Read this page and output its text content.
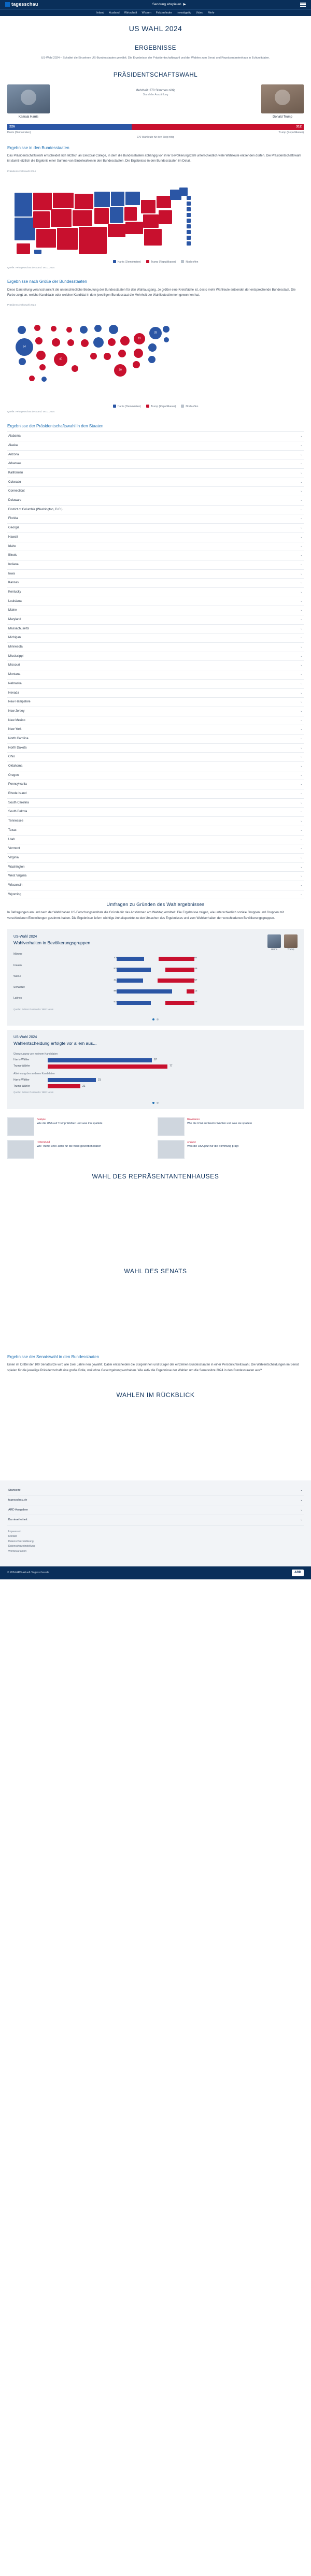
tagesschau	Sendung abspielen ▶
Inland Ausland Wirtschaft Wissen Faktenfinder Investigativ Video Mehr
US WAHL 2024
ERGEBNISSE
US-Wahl 2024 – Schaltet die Einzelnen US-Bundesstaaten gewählt. Die Ergebnisse der Präsidentschaftswahl und der Wahlen zum Senat und Repräsentantenhaus in Echtzeitdaten.
PRÄSIDENTSCHAFTSWAHL
Kamala Harris
Mehrheit: 270 Stimmen nötig
Stand der Auszählung
Donald Trump
226	312
Harris (Demokraten)	Trump (Republikaner)
270 Wahlleute für den Sieg nötig
Ergebnisse in den Bundesstaaten
Das Präsidentschaftswahl entscheidet sich letztlich an Electoral College, in dem die Bundesstaaten abhängig von ihrer Bevölkerungszahl unterschiedlich viele Wahlleute entsenden dürfen. Die Präsidentschaftswahl ist damit letztlich die Ergebnis einer Summe von Einzelwahlen in den Bundesstaaten. Die Ergebnisse in den Bundesstaaten im Detail.
Präsidentschaftswahl 2024
Harris (Demokraten)	Trump (Republikaner)	Noch offen
Quelle: AP/tagesschau.de Stand: 06.11.2024
Ergebnisse nach Größe der Bundesstaaten
Diese Darstellung veranschaulicht die unterschiedliche Bedeutung der Bundesstaaten für den Wahlausgang. Je größer eine Kreisfläche ist, desto mehr Wahlleute entsendet der entsprechende Bundesstaat. Die Farbe zeigt an, welche Kandidatin oder welcher Kandidat in dem jeweiligen Bundesstaat die Mehrheit der Wahlleutestimmen gewonnen hat.
Präsidentschaftswahl 2024
54
40
30
19
28
Harris (Demokraten)	Trump (Republikaner)	Noch offen
Quelle: AP/tagesschau.de Stand: 06.11.2024
Ergebnisse der Präsidentschaftswahl in den Staaten
Alabama	⌄
Alaska	⌄
Arizona	⌄
Arkansas	⌄
Kalifornien	⌄
Colorado	⌄
Connecticut	⌄
Delaware	⌄
District of Columbia (Washington, D.C.)	⌄
Florida	⌄
Georgia	⌄
Hawaii	⌄
Idaho	⌄
Illinois	⌄
Indiana	⌄
Iowa	⌄
Kansas	⌄
Kentucky	⌄
Louisiana	⌄
Maine	⌄
Maryland	⌄
Massachusetts	⌄
Michigan	⌄
Minnesota	⌄
Mississippi	⌄
Missouri	⌄
Montana	⌄
Nebraska	⌄
Nevada	⌄
New Hampshire	⌄
New Jersey	⌄
New Mexico	⌄
New York	⌄
North Carolina	⌄
North Dakota	⌄
Ohio	⌄
Oklahoma	⌄
Oregon	⌄
Pennsylvania	⌄
Rhode Island	⌄
South Carolina	⌄
South Dakota	⌄
Tennessee	⌄
Texas	⌄
Utah	⌄
Vermont	⌄
Virginia	⌄
Washington	⌄
West Virginia	⌄
Wisconsin	⌄
Wyoming	⌄
Umfragen zu Gründen des Wahlergebnisses
In Befragungen am und nach der Wahl haben US-Forschungsinstitute die Gründe für das Abstimmen am Wahltag ermittelt. Die Ergebnisse zeigen, wie unterschiedlich soziale Gruppen und Gruppen mit verschiedenen Einstellungen gestimmt haben. Die Ergebnisse liefern wichtige Anhaltspunkte zu den Ursachen des Ergebnisses und zum Wahlverhalten der verschiedenen Bevölkerungsgruppen.
US-Wahl 2024
Wahlverhalten in Bevölkerungsgruppen
Harris	Trump
Männer
42	55
Frauen
53	45
Weiße
41	57
Schwarze
86	12
Latinos
53	45
Quelle: Edison Research / NBC News
US-Wahl 2024
Wahlentscheidung erfolgte vor allem aus...
Überzeugung von meinem Kandidaten
Harris-Wähler	67
Trump-Wähler	77
Ablehnung des anderen Kandidaten
Harris-Wähler	31
Trump-Wähler	21
Quelle: Edison Research / NBC News
Analyse
Wie die USA auf Trump Wählen und was ihn spaltete
Reaktionen
Wie die USA auf Harris Wählen und was sie spaltete
Hintergrund
Wie Trump und Harris für die Wahl geworben haben
Analyse
Was die USA jetzt für die Stimmung prägt
WAHL DES REPRÄSENTANTENHAUSES
WAHL DES SENATS
Ergebnisse der Senatswahl in den Bundesstaaten
Einen im Drittel der 100 Senatssitze wird alle zwei Jahre neu gewählt. Dabei entscheiden die Bürgerinnen und Bürger der einzelnen Bundesstaaten in einer Persönlichkeitswahl. Die Wahlentscheidungen im Senat spielen für die jeweilige Präsidentschaft eine große Rolle, weil ohne Gesetzgebungsvorhaben. Wie aktiv die Ergebnisse der Wahlen um die Senatssitze 2024 in den Bundesstaaten aus?
WAHLEN IM RÜCKBLICK
Startseite	⌄
tagesschau.de	⌄
ARD Ausgaben	⌄
Barrierefreiheit	⌄
Impressum
Kontakt
Datenschutzerklärung
Datenschutzeinstellung
Werbevarianten
© 2024 ARD-aktuell / tagesschau.de	ARD
